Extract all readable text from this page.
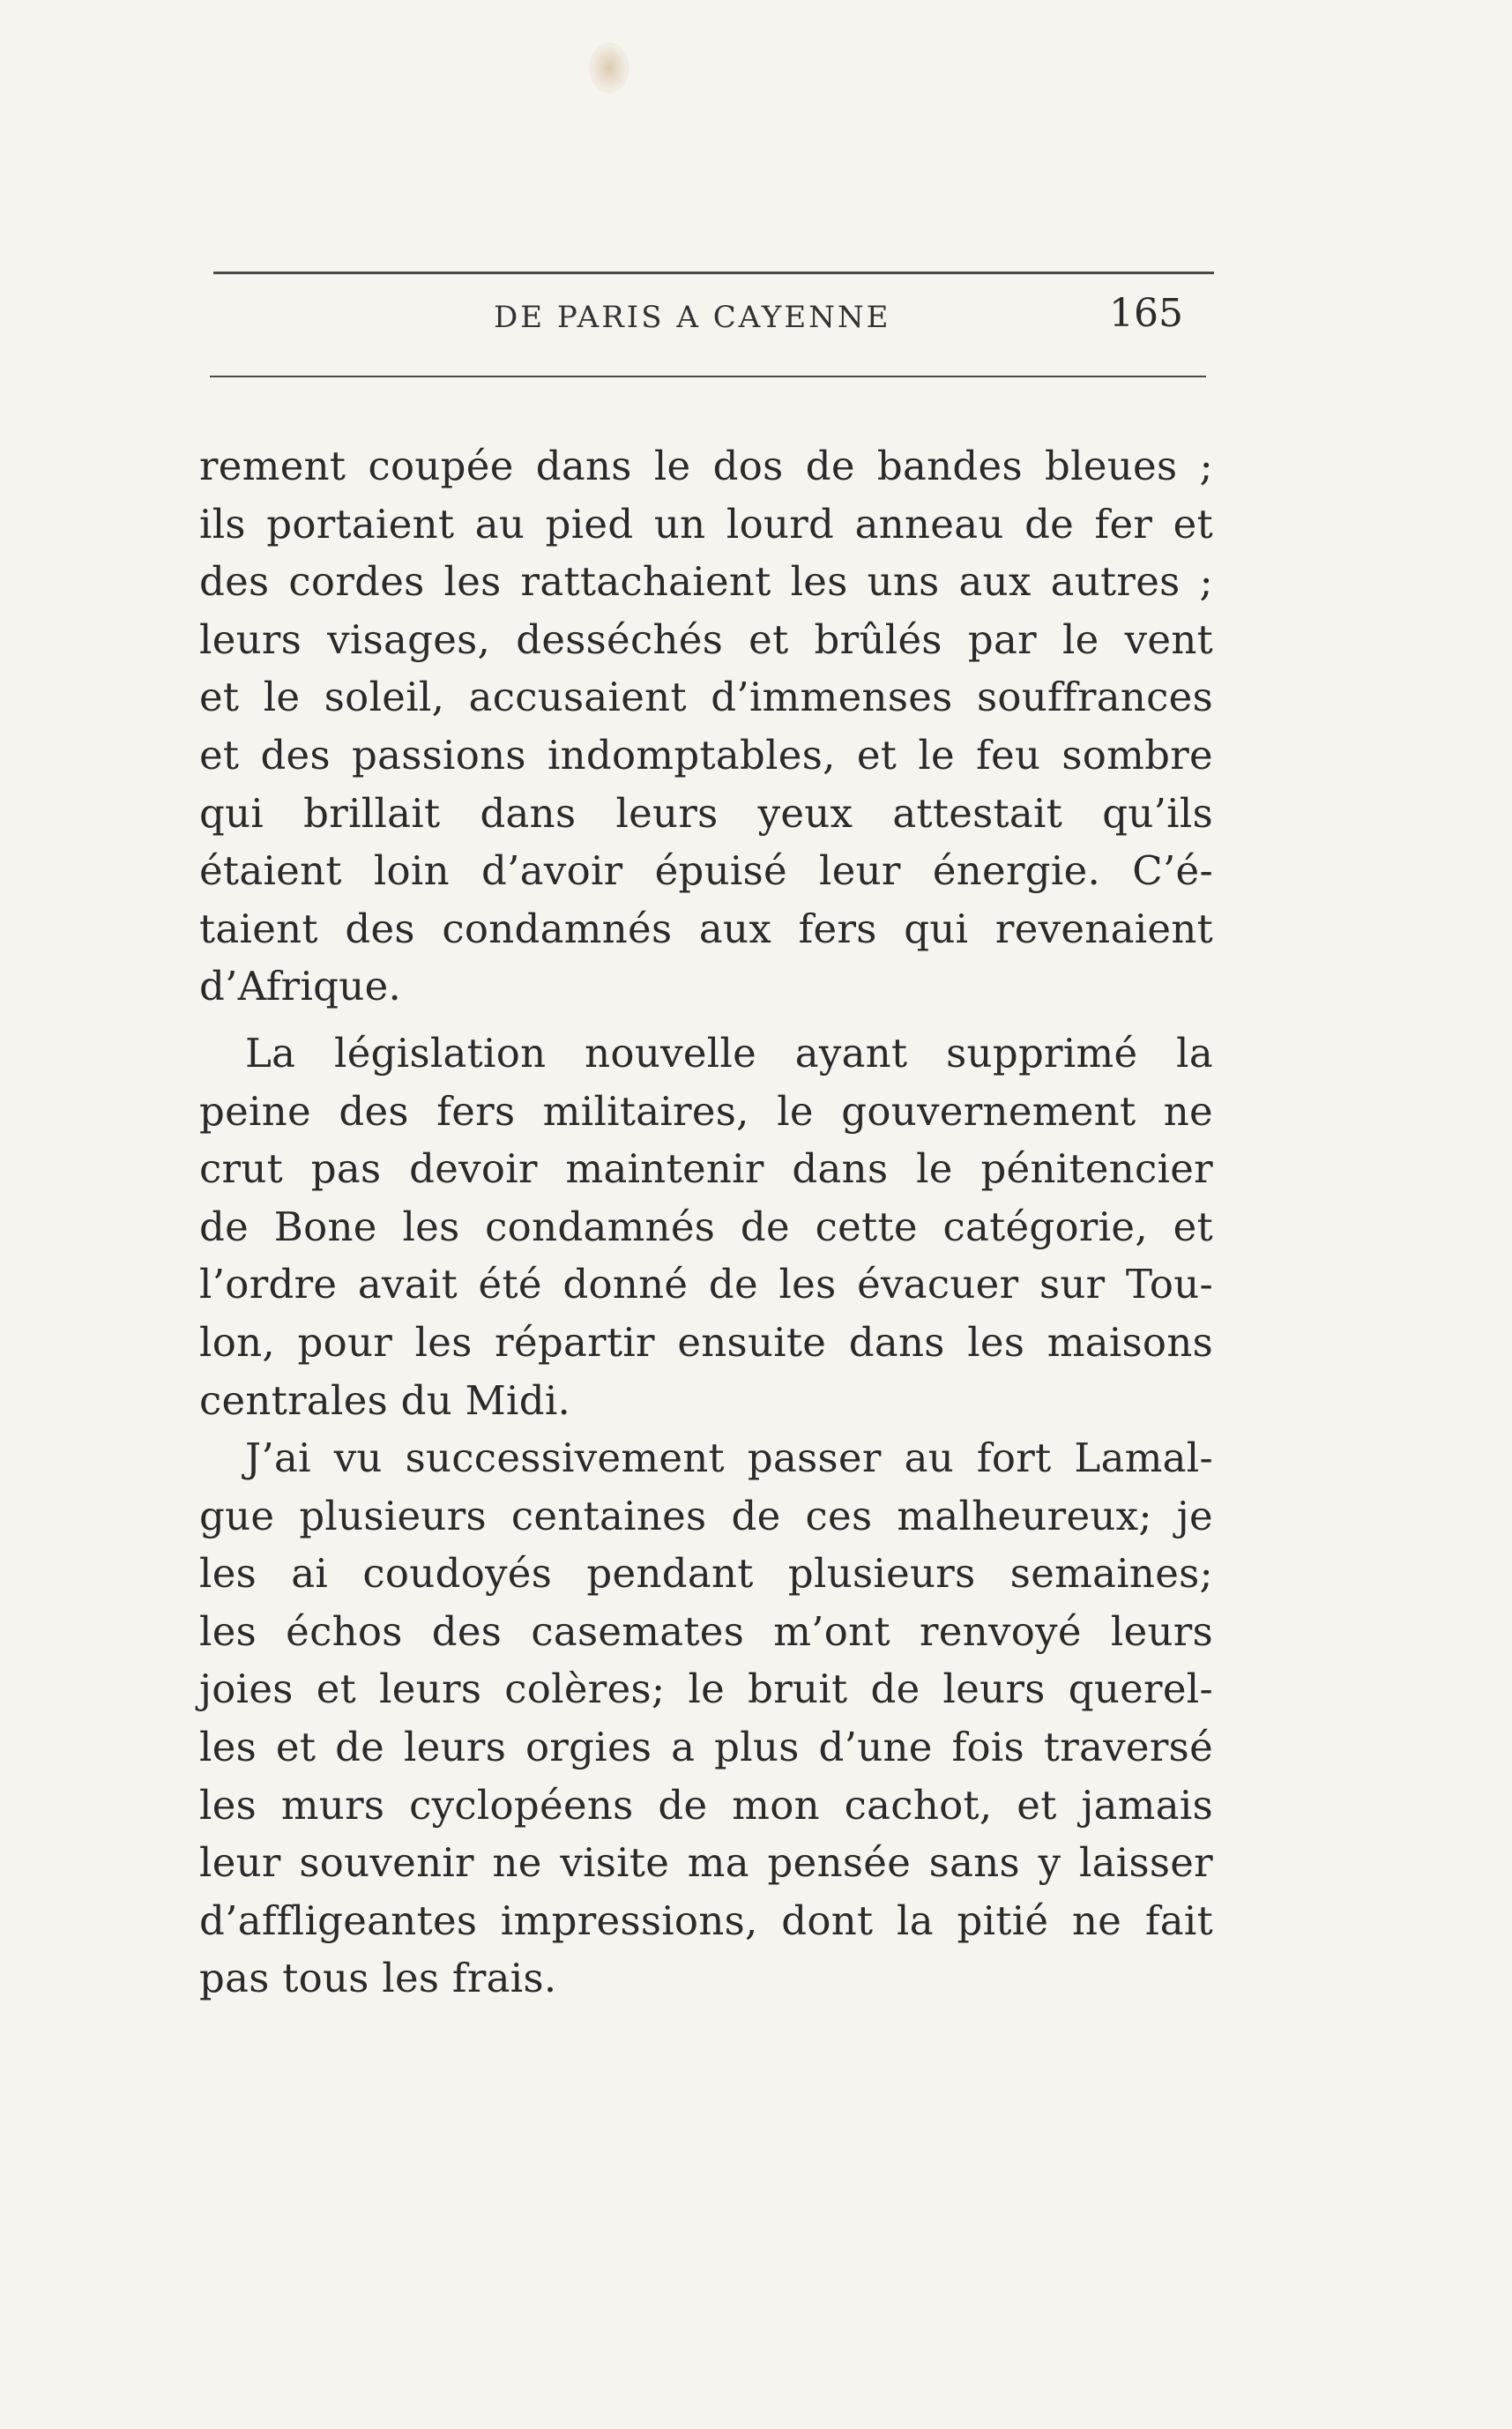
DE PARIS A CAYENNE	165
rement coupée dans le dos de bandes bleues ;
ils portaient au pied un lourd anneau de fer et
des cordes les rattachaient les uns aux autres ;
leurs visages, desséchés et brûlés par le vent
et le soleil, accusaient d’immenses souffrances
et des passions indomptables, et le feu sombre
qui brillait dans leurs yeux attestait qu’ils
étaient loin d’avoir épuisé leur énergie. C’é-
taient des condamnés aux fers qui revenaient
d’Afrique.
La législation nouvelle ayant supprimé la
peine des fers militaires, le gouvernement ne
crut pas devoir maintenir dans le pénitencier
de Bone les condamnés de cette catégorie, et
l’ordre avait été donné de les évacuer sur Tou-
lon, pour les répartir ensuite dans les maisons
centrales du Midi.
J’ai vu successivement passer au fort Lamal-
gue plusieurs centaines de ces malheureux; je
les ai coudoyés pendant plusieurs semaines;
les échos des casemates m’ont renvoyé leurs
joies et leurs colères; le bruit de leurs querel-
les et de leurs orgies a plus d’une fois traversé
les murs cyclopéens de mon cachot, et jamais
leur souvenir ne visite ma pensée sans y laisser
d’affligeantes impressions, dont la pitié ne fait
pas tous les frais.
